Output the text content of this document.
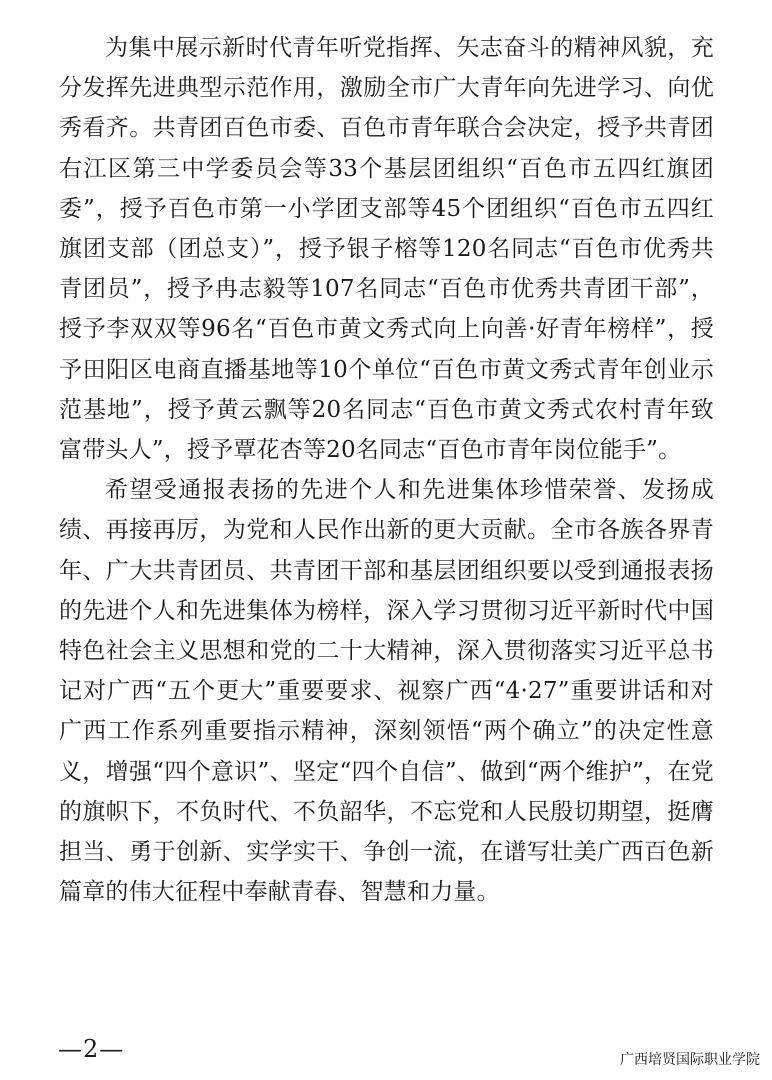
为集中展示新时代青年听党指挥、矢志奋斗的精神风貌，充分发挥先进典型示范作用，激励全市广大青年向先进学习、向优秀看齐。共青团百色市委、百色市青年联合会决定，授予共青团右江区第三中学委员会等33个基层团组织“百色市五四红旗团委”，授予百色市第一小学团支部等45个团组织“百色市五四红旗团支部（团总支）”，授予银子榕等120名同志“百色市优秀共青团员”，授予冉志毅等107名同志“百色市优秀共青团干部”，授予李双双等96名“百色市黄文秀式向上向善·好青年榜样”，授予田阳区电商直播基地等10个单位“百色市黄文秀式青年创业示范基地”，授予黄云飘等20名同志“百色市黄文秀式农村青年致富带头人”，授予覃花杏等20名同志“百色市青年岗位能手”。

希望受通报表扬的先进个人和先进集体珍惜荣誉、发扬成绩、再接再厉，为党和人民作出新的更大贡献。全市各族各界青年、广大共青团员、共青团干部和基层团组织要以受到通报表扬的先进个人和先进集体为榜样，深入学习贯彻习近平新时代中国特色社会主义思想和党的二十大精神，深入贯彻落实习近平总书记对广西“五个更大”重要要求、视察广西“4·27”重要讲话和对广西工作系列重要指示精神，深刻领悟“两个确立”的决定性意义，增强“四个意识”、坚定“四个自信”、做到“两个维护”，在党的旗帜下，不负时代、不负韶华，不忘党和人民殷切期望，挺膺担当、勇于创新、实学实干、争创一流，在谱写壮美广西百色新篇章的伟大征程中奉献青春、智慧和力量。

—2—	广西培贤国际职业学院
